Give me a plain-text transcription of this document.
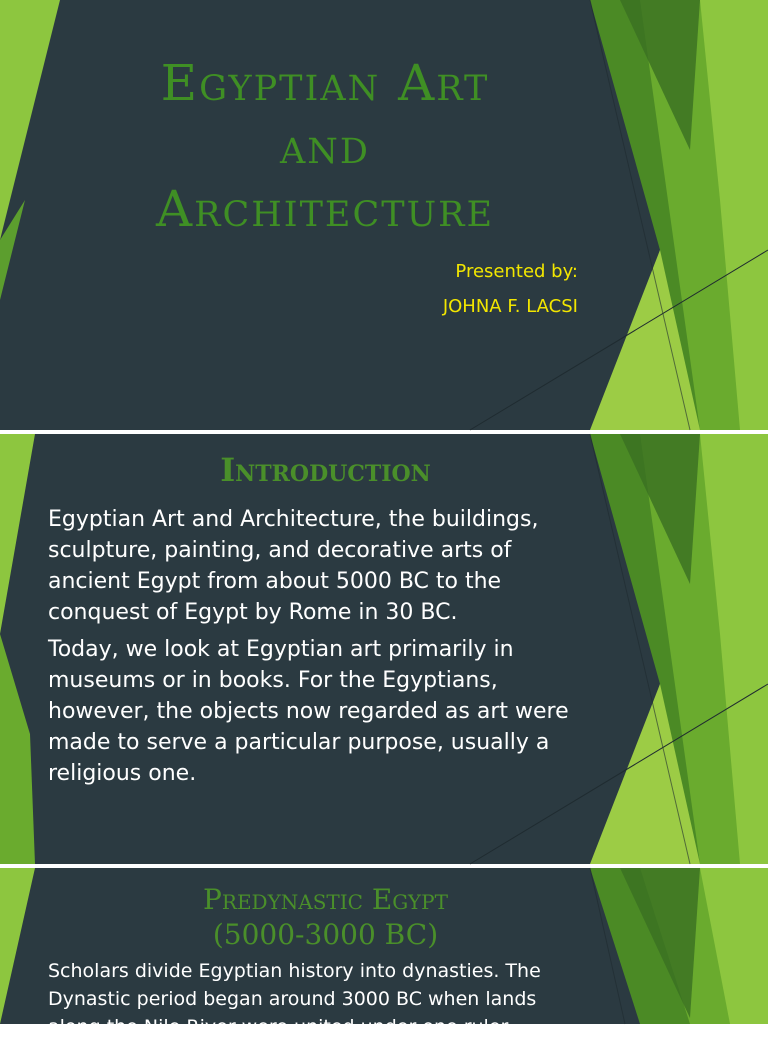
Egyptian Art
and
Architecture
Presented by:
JOHNA F. LACSI
Introduction

Egyptian Art and Architecture, the buildings, sculpture, painting, and decorative arts of ancient Egypt from about 5000 BC to the conquest of Egypt by Rome in 30 BC.

Today, we look at Egyptian art primarily in museums or in books. For the Egyptians, however, the objects now regarded as art were made to serve a particular purpose, usually a religious one.

Predynastic Egypt
(5000-3000 BC)

Scholars divide Egyptian history into dynasties. The Dynastic period began around 3000 BC when lands along the Nile River were united under one ruler.
